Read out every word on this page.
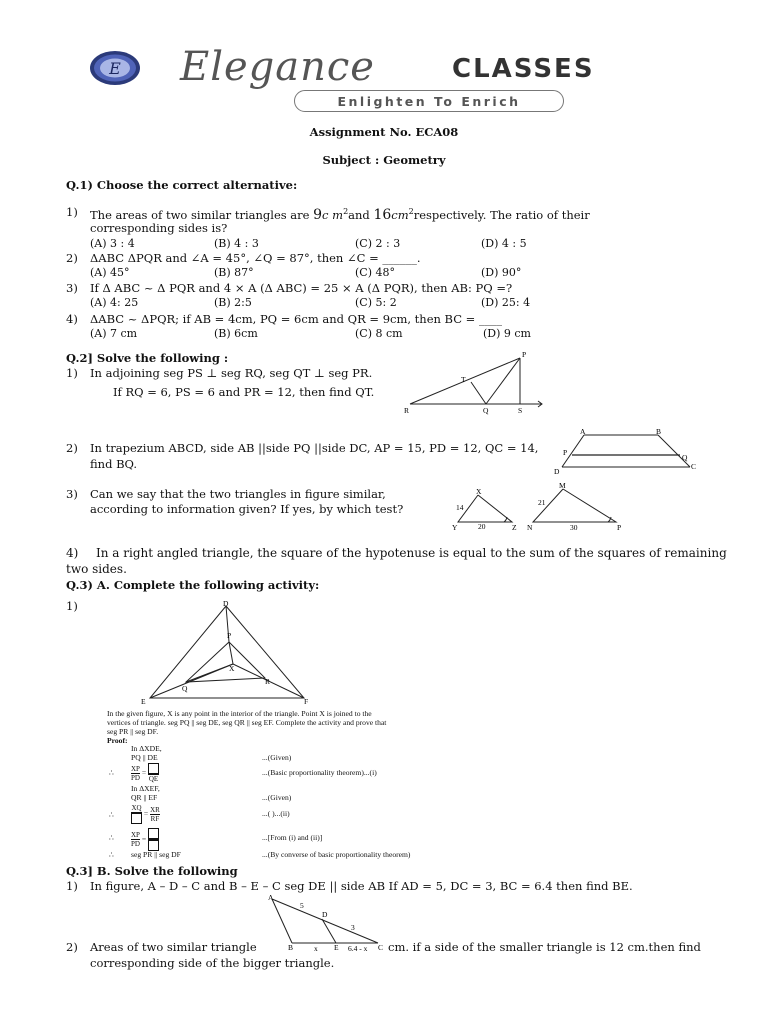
E Elegance	CLASSES
Enlighten To Enrich
Assignment No. ECA08
Subject : Geometry
Q.1) Choose the correct alternative:
1) The areas of two similar triangles are 9c $m^2and$ $16cm^2respectively$. The ratio of their
corresponding sides is?
(A) 3 : 4	(B) 4 : 3	(C) 2 : 3	(D) 4 : 5
2) ΔABC ΔPQR and ∠A = 45°, ∠Q = 87°, then ∠C = ______.
(A) 45°	(B) 87°	(C) 48°	(D) 90°
3) If Δ ABC ~ Δ PQR and 4 × A (Δ ABC) = 25 × A (Δ PQR), then AB: PQ =?
(A) 4: 25	(B) 2:5	(C) 5: 2	(D) 25: 4
4) ΔABC ~ ΔPQR; if AB = 4cm, PQ = 6cm and QR = 9cm, then BC = ____
(A) 7 cm	(B) 6cm	(C) 8 cm	(D) 9 cm
Q.2] Solve the following :
1) In adjoining seg PS ⊥ seg RQ, seg QT ⊥ seg PR.
If RQ = 6, PS = 6 and PR = 12, then find QT.
P
T
R	Q	S
2) In trapezium ABCD, side AB ||side PQ ||side DC, AP = 15, PD = 12, QC = 14,
find BQ.
A	B
P
Q
D
C
3) Can we say that the two triangles in figure similar,
according to information given? If yes, by which test?
X
14
Y	20	Z
M
21
N	30	P
4) In a right angled triangle, the square of the hypotenuse is equal to the sum of the squares of remaining
two sides.
Q.3) A. Complete the following activity:
1)	D
P
X
R
Q
E	F
In the given figure, X is any point in the interior of the triangle. Point X is joined to the
vertices of triangle. seg PQ || seg DE, seg QR || seg EF. Complete the activity and prove that
seg PR || seg DF.
Proof:
In ΔXDE,
PQ || DE	...(Given)
∴ $\frac{XP}{PD}$ =
QE
...(Basic proportionality theorem)...(i)
In ΔXEF,
QR || EF	...(Given)
∴
XQ
= $\frac{XR}{RF}$	...( )...(ii)
∴ $\frac{XP}{PD}$ =	...[From (i) and (ii)]
∴ seg PR || seg DF	...(By converse of basic proportionality theorem)
Q.3] B. Solve the following
1) In figure, A – D – C and B – E – C seg DE || side AB If AD = 5, DC = 3, BC = 6.4 then find BE.
2) Areas of two similar triangle	cm. if a side of the smaller triangle is 12 cm.then find
corresponding side of the bigger triangle.
A
5
D
3
B	x E 6.4 - x C
